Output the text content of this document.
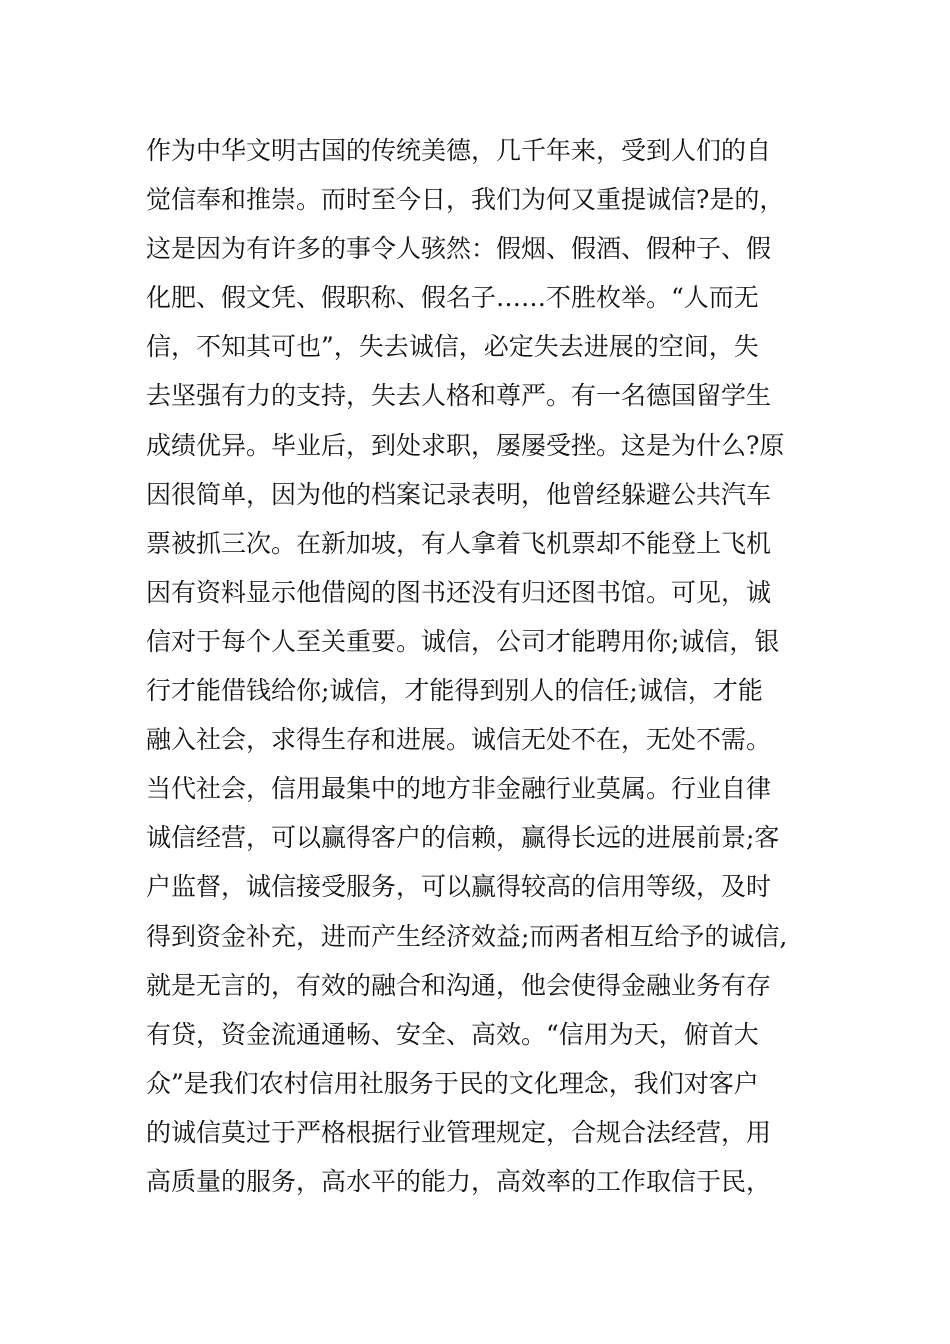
作为中华文明古国的传统美德，几千年来，受到人们的自
觉信奉和推崇。而时至今日，我们为何又重提诚信?是的，
这是因为有许多的事令人骇然：假烟、假酒、假种子、假
化肥、假文凭、假职称、假名子……不胜枚举。“人而无
信，不知其可也”，失去诚信，必定失去进展的空间，失
去坚强有力的支持，失去人格和尊严。有一名德国留学生
成绩优异。毕业后，到处求职，屡屡受挫。这是为什么?原
因很简单，因为他的档案记录表明，他曾经躲避公共汽车
票被抓三次。在新加坡，有人拿着飞机票却不能登上飞机
因有资料显示他借阅的图书还没有归还图书馆。可见，诚
信对于每个人至关重要。诚信，公司才能聘用你;诚信，银
行才能借钱给你;诚信，才能得到别人的信任;诚信，才能
融入社会，求得生存和进展。诚信无处不在，无处不需。
当代社会，信用最集中的地方非金融行业莫属。行业自律
诚信经营，可以赢得客户的信赖，赢得长远的进展前景;客
户监督，诚信接受服务，可以赢得较高的信用等级，及时
得到资金补充，进而产生经济效益;而两者相互给予的诚信,
就是无言的，有效的融合和沟通，他会使得金融业务有存
有贷，资金流通通畅、安全、高效。“信用为天，俯首大
众”是我们农村信用社服务于民的文化理念，我们对客户
的诚信莫过于严格根据行业管理规定，合规合法经营，用
高质量的服务，高水平的能力，高效率的工作取信于民，
